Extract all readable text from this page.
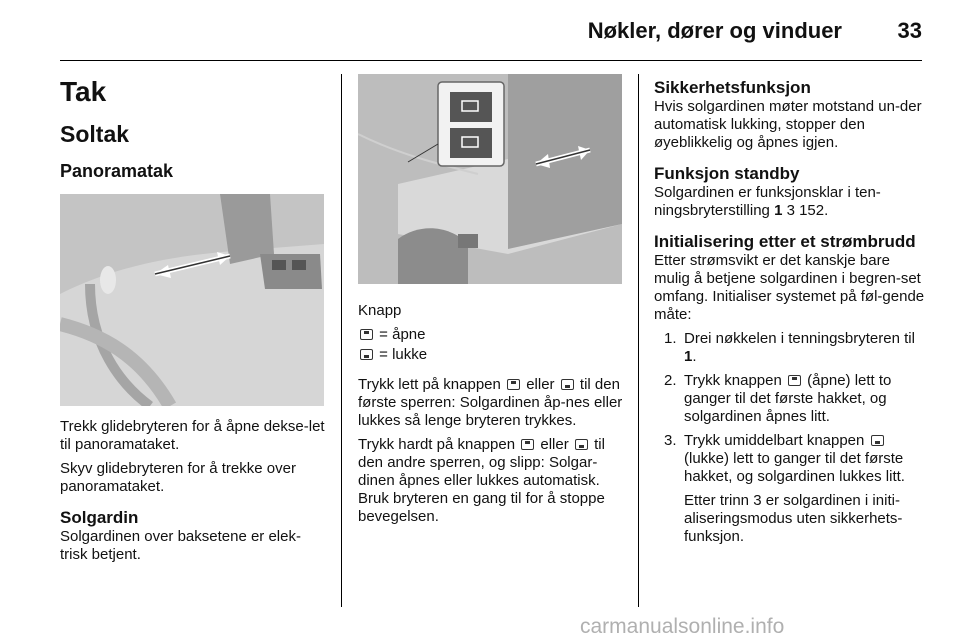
Nøkler, dører og vinduer	33
Tak
Soltak
Panoramatak
Trekk glidebryteren for å åpne dekse-let til panoramataket.
Skyv glidebryteren for å trekke over panoramataket.
Solgardin
Solgardinen over baksetene er elek-trisk betjent.
Knapp
= åpne
= lukke
Trykk lett på knappen eller til den første sperren: Solgardinen åp-nes eller lukkes så lenge bryteren trykkes.
Trykk hardt på knappen eller til den andre sperren, og slipp: Solgar-dinen åpnes eller lukkes automatisk. Bruk bryteren en gang til for å stoppe bevegelsen.
Sikkerhetsfunksjon
Hvis solgardinen møter motstand un-der automatisk lukking, stopper den øyeblikkelig og åpnes igjen.
Funksjon standby
Solgardinen er funksjonsklar i ten-ningsbryterstilling 1 3 152.
Initialisering etter et strømbrudd
Etter strømsvikt er det kanskje bare mulig å betjene solgardinen i begren-set omfang. Initialiser systemet på føl-gende måte:
1. Drei nøkkelen i tenningsbryteren til 1.
2. Trykk knappen (åpne) lett to ganger til det første hakket, og solgardinen åpnes litt.
3. Trykk umiddelbart knappen  (lukke) lett to ganger til det første hakket, og solgardinen lukkes litt.
Etter trinn 3 er solgardinen i initi-aliseringsmodus uten sikkerhets-funksjon.
carmanualsonline.info
